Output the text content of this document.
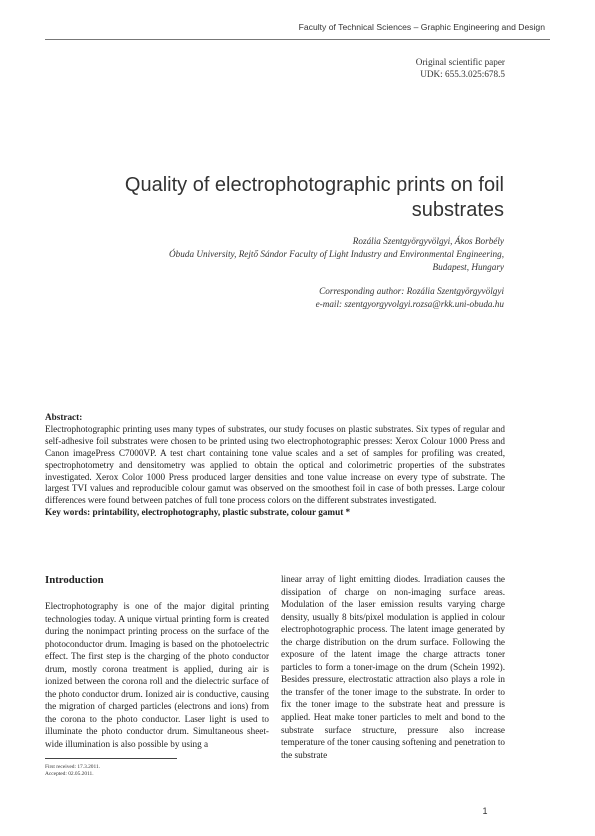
Faculty of Technical Sciences – Graphic Engineering and Design
Original scientific paper
UDK: 655.3.025:678.5
Quality of electrophotographic prints on foil substrates
Rozália Szentgyörgyvölgyi, Ákos Borbély
Óbuda University, Rejtő Sándor Faculty of Light Industry and Environmental Engineering,
Budapest, Hungary
Corresponding author: Rozália Szentgyörgyvölgyi
e-mail: szentgyorgyvolgyi.rozsa@rkk.uni-obuda.hu

Abstract:

Electrophotographic printing uses many types of substrates, our study focuses on plastic substrates. Six types of regular and self-adhesive foil substrates were chosen to be printed using two electrophotographic presses: Xerox Colour 1000 Press and Canon imagePress C7000VP. A test chart containing tone value scales and a set of samples for profiling was created, spectrophotometry and densitometry was applied to obtain the optical and colorimetric properties of the substrates investigated. Xerox Color 1000 Press produced larger densities and tone value increase on every type of substrate. The largest TVI values and reproducible colour gamut was observed on the smoothest foil in case of both presses. Large colour differences were found between patches of full tone process colors on the different substrates investigated.

Key words: printability, electrophotography, plastic substrate, colour gamut *

Introduction

Electrophotography is one of the major digital printing technologies today. A unique virtual printing form is created during the nonimpact printing process on the surface of the photoconductor drum. Imaging is based on the photoelectric effect. The first step is the charging of the photo conductor drum, mostly corona treatment is applied, during air is ionized between the corona roll and the dielectric surface of the photo conductor drum. Ionized air is conductive, causing the migration of charged particles (electrons and ions) from the corona to the photo conductor. Laser light is used to illuminate the photo conductor drum. Simultaneous sheet-wide illumination is also possible by using a

linear array of light emitting diodes. Irradiation causes the dissipation of charge on non-imaging surface areas. Modulation of the laser emission results varying charge density, usually 8 bits/pixel modulation is applied in colour electrophotographic process. The latent image generated by the charge distribution on the drum surface. Following the exposure of the latent image the charge attracts toner particles to form a toner-image on the drum (Schein 1992). Besides pressure, electrostatic attraction also plays a role in the transfer of the toner image to the substrate. In order to fix the toner image to the substrate heat and pressure is applied. Heat make toner particles to melt and bond to the substrate surface structure, pressure also increase temperature of the toner causing softening and penetration to the substrate

First received: 17.3.2011.
Accepted: 02.05.2011.
1
